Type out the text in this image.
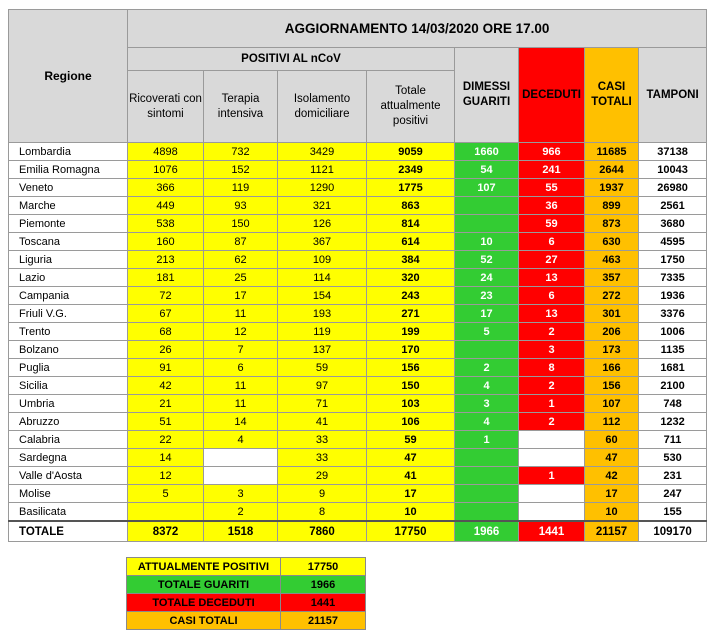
Regione	AGGIORNAMENTO 14/03/2020 ORE 17.00							
	POSITIVI AL nCoV				DIMESSI GUARITI	DECEDUTI	CASI TOTALI	TAMPONI
	Ricoverati con sintomi	Terapia intensiva	Isolamento domiciliare	Totale attualmente positivi				
Lombardia	4898	732	3429	9059	1660	966	11685	37138
Emilia Romagna	1076	152	1121	2349	54	241	2644	10043
Veneto	366	119	1290	1775	107	55	1937	26980
Marche	449	93	321	863		36	899	2561
Piemonte	538	150	126	814		59	873	3680
Toscana	160	87	367	614	10	6	630	4595
Liguria	213	62	109	384	52	27	463	1750
Lazio	181	25	114	320	24	13	357	7335
Campania	72	17	154	243	23	6	272	1936
Friuli V.G.	67	11	193	271	17	13	301	3376
Trento	68	12	119	199	5	2	206	1006
Bolzano	26	7	137	170		3	173	1135
Puglia	91	6	59	156	2	8	166	1681
Sicilia	42	11	97	150	4	2	156	2100
Umbria	21	11	71	103	3	1	107	748
Abruzzo	51	14	41	106	4	2	112	1232
Calabria	22	4	33	59	1		60	711
Sardegna	14		33	47			47	530
Valle d'Aosta	12		29	41		1	42	231
Molise	5	3	9	17			17	247
Basilicata		2	8	10			10	155
TOTALE	8372	1518	7860	17750	1966	1441	21157	109170
ATTUALMENTE POSITIVI	17750
TOTALE GUARITI	1966
TOTALE DECEDUTI	1441
CASI TOTALI	21157
